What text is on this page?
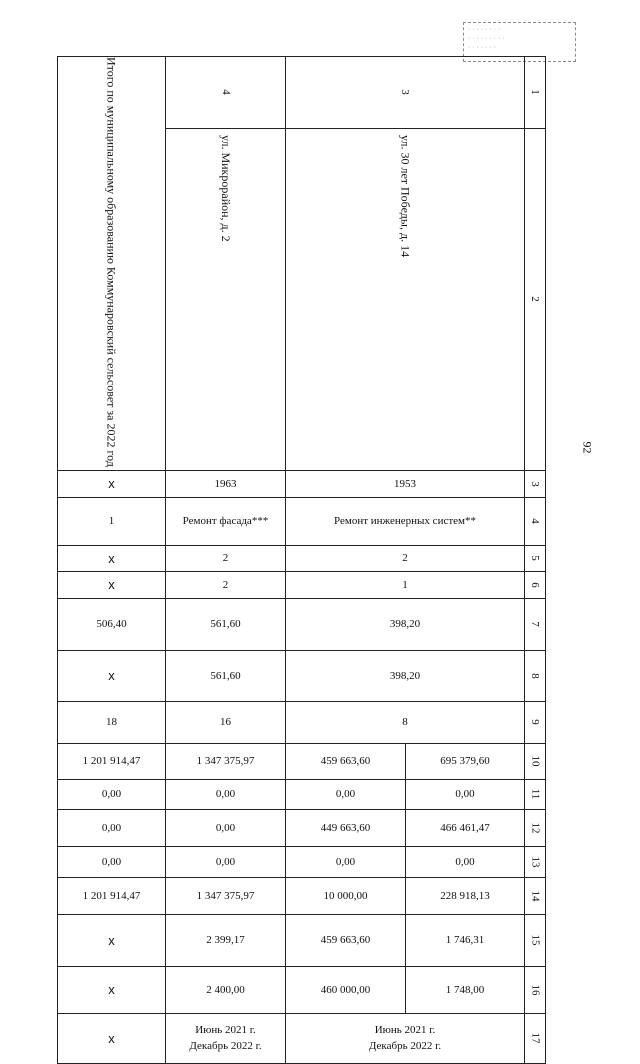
· · · · · · · ·
· · · · · · · · ·
· · · · · · ·
92
Итого по муниципальному образованию Коммунаровский сельсовет за 2022 год	4	3		1
	ул. Микрорайон, д. 2	ул. 30 лет Победы, д. 14		2
x	1963	1953		3
1	Ремонт фасада***	Ремонт инженерных систем**		4
x	2	2		5
x	2	1		6
506,40	561,60	398,20		7
x	561,60	398,20		8
18	16	8		9
1 201 914,47	1 347 375,97	459 663,60	695 379,60	10
0,00	0,00	0,00	0,00	11
0,00	0,00	449 663,60	466 461,47	12
0,00	0,00	0,00	0,00	13
1 201 914,47	1 347 375,97	10 000,00	228 918,13	14
x	2 399,17	459 663,60	1 746,31	15
x	2 400,00	460 000,00	1 748,00	16
x	Июнь 2021 г.
Декабрь 2022 г.	Июнь 2021 г.
Декабрь 2022 г.		17
